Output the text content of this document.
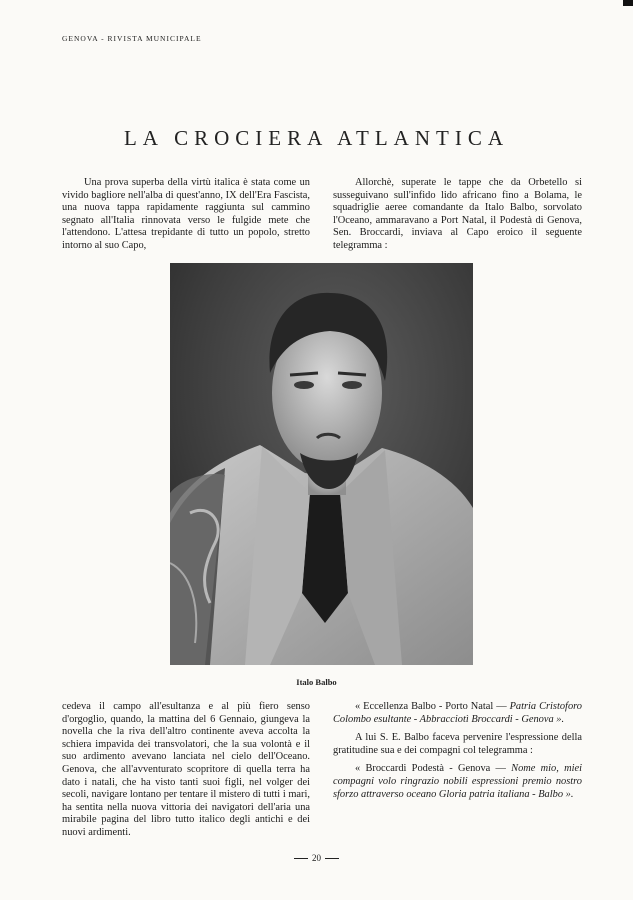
GENOVA - RIVISTA MUNICIPALE
LA CROCIERA ATLANTICA

Una prova superba della virtù italica è stata come un vivido bagliore nell'alba di quest'anno, IX dell'Era Fascista, una nuova tappa rapidamente raggiunta sul cammino segnato all'Italia rinnovata verso le fulgide mete che l'attendono. L'attesa trepidante di tutto un popolo, stretto intorno al suo Capo,

Allorchè, superate le tappe che da Orbetello si susseguivano sull'infido lido africano fino a Bolama, le squadriglie aeree comandante da Italo Balbo, sorvolato l'Oceano, ammaravano a Port Natal, il Podestà di Genova, Sen. Broccardi, inviava al Capo eroico il seguente telegramma :

Italo Balbo

cedeva il campo all'esultanza e al più fiero senso d'orgoglio, quando, la mattina del 6 Gennaio, giungeva la novella che la riva dell'altro continente aveva accolta la schiera impavida dei transvolatori, che la sua volontà e il suo ardimento avevano lanciata nel cielo dell'Oceano. Genova, che all'avventurato scopritore di quella terra ha dato i natali, che ha visto tanti suoi figli, nel volger dei secoli, navigare lontano per tentare il mistero di tutti i mari, ha sentita nella nuova vittoria dei navigatori dell'aria una mirabile pagina del libro tutto italico degli antichi e dei nuovi ardimenti.

« Eccellenza Balbo - Porto Natal — Patria Cristoforo Colombo esultante - Abbracciotì Broccardi - Genova ».

A lui S. E. Balbo faceva pervenire l'espressione della gratitudine sua e dei compagni col telegramma :

« Broccardi Podestà - Genova — Nome mio, miei compagni volo ringrazio nobili espressioni premio nostro sforzo attraverso oceano Gloria patria italiana - Balbo ».

20
